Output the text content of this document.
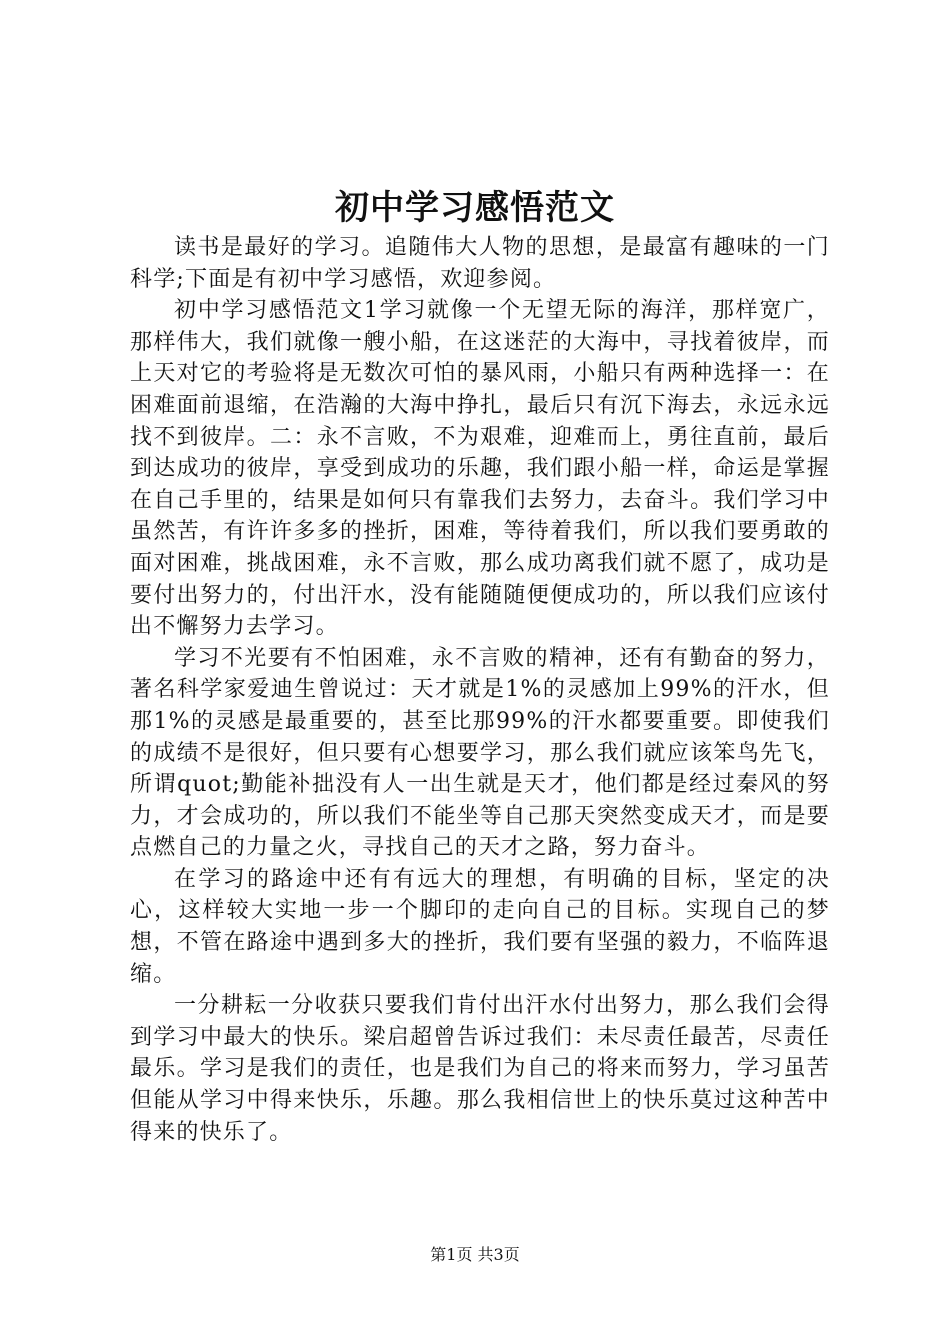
初中学习感悟范文

读书是最好的学习。追随伟大人物的思想，是最富有趣味的一门科学;下面是有初中学习感悟，欢迎参阅。

初中学习感悟范文1学习就像一个无望无际的海洋，那样宽广，那样伟大，我们就像一艘小船，在这迷茫的大海中，寻找着彼岸，而上天对它的考验将是无数次可怕的暴风雨，小船只有两种选择一：在困难面前退缩，在浩瀚的大海中挣扎，最后只有沉下海去，永远永远找不到彼岸。二：永不言败，不为艰难，迎难而上，勇往直前，最后到达成功的彼岸，享受到成功的乐趣，我们跟小船一样，命运是掌握在自己手里的，结果是如何只有靠我们去努力，去奋斗。我们学习中虽然苦，有许许多多的挫折，困难，等待着我们，所以我们要勇敢的面对困难，挑战困难，永不言败，那么成功离我们就不愿了，成功是要付出努力的，付出汗水，没有能随随便便成功的，所以我们应该付出不懈努力去学习。

学习不光要有不怕困难，永不言败的精神，还有有勤奋的努力，著名科学家爱迪生曾说过：天才就是1%的灵感加上99%的汗水，但那1%的灵感是最重要的，甚至比那99%的汗水都要重要。即使我们的成绩不是很好，但只要有心想要学习，那么我们就应该笨鸟先飞，所谓quot;勤能补拙没有人一出生就是天才，他们都是经过秦风的努力，才会成功的，所以我们不能坐等自己那天突然变成天才，而是要点燃自己的力量之火，寻找自己的天才之路，努力奋斗。

在学习的路途中还有有远大的理想，有明确的目标，坚定的决心，这样较大实地一步一个脚印的走向自己的目标。实现自己的梦想，不管在路途中遇到多大的挫折，我们要有坚强的毅力，不临阵退缩。

一分耕耘一分收获只要我们肯付出汗水付出努力，那么我们会得到学习中最大的快乐。梁启超曾告诉过我们：未尽责任最苦，尽责任最乐。学习是我们的责任，也是我们为自己的将来而努力，学习虽苦但能从学习中得来快乐，乐趣。那么我相信世上的快乐莫过这种苦中得来的快乐了。

第1页 共3页
